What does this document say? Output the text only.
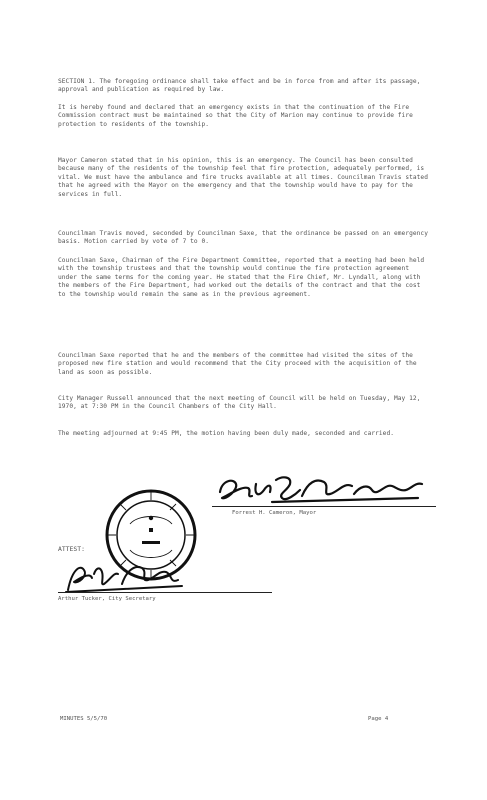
SECTION 1. The foregoing ordinance shall take effect and be in force from and after its passage, approval and publication as required by law.
It is hereby found and declared that an emergency exists in that the continuation of the Fire Commission contract must be maintained so that the City of Marion may continue to provide fire protection to residents of the township.
Mayor Cameron stated that in his opinion, this is an emergency. The Council has been consulted because many of the residents of the township feel that fire protection, adequately performed, is vital. We must have the ambulance and fire trucks available at all times. Councilman Travis stated that he agreed with the Mayor on the emergency and that the township would have to pay for the services in full.
Councilman Travis moved, seconded by Councilman Saxe, that the ordinance be passed on an emergency basis. Motion carried by vote of 7 to 0.
Councilman Saxe, Chairman of the Fire Department Committee, reported that a meeting had been held with the township trustees and that the township would continue the fire protection agreement under the same terms for the coming year. He stated that the Fire Chief, Mr. Lyndall, along with the members of the Fire Department, had worked out the details of the contract and that the cost to the township would remain the same as in the previous agreement.
Councilman Saxe reported that he and the members of the committee had visited the sites of the proposed new fire station and would recommend that the City proceed with the acquisition of the land as soon as possible.
City Manager Russell announced that the next meeting of Council will be held on Tuesday, May 12, 1970, at 7:30 PM in the Council Chambers of the City Hall.
The meeting adjourned at 9:45 PM, the motion having been duly made, seconded and carried.
Forrest H. Cameron, Mayor
ATTEST:
Arthur Tucker, City Secretary
MINUTES 5/5/70	Page 4
